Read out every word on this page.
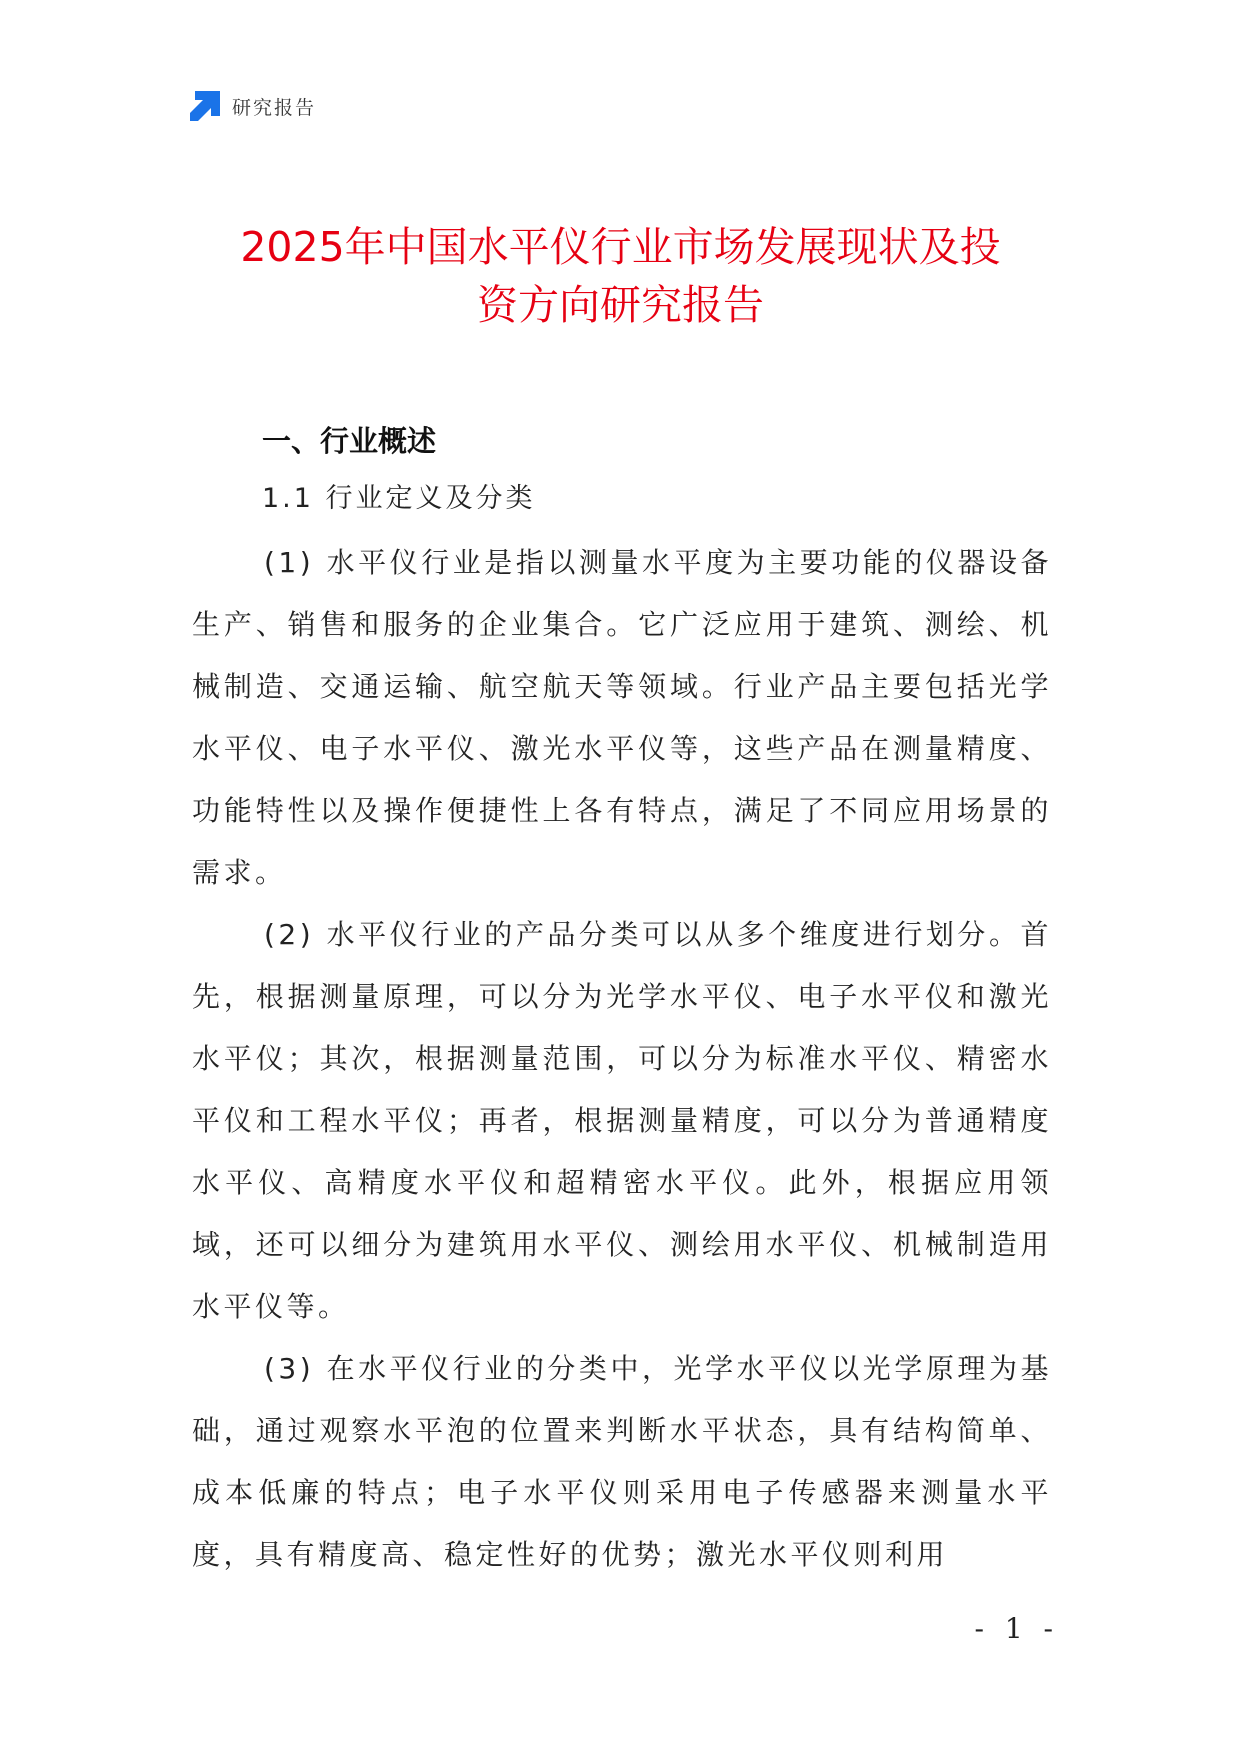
研究报告
2025年中国水平仪行业市场发展现状及投
资方向研究报告
一、行业概述
1.1 行业定义及分类

(1) 水平仪行业是指以测量水平度为主要功能的仪器设备生产、销售和服务的企业集合。它广泛应用于建筑、测绘、机械制造、交通运输、航空航天等领域。行业产品主要包括光学水平仪、电子水平仪、激光水平仪等，这些产品在测量精度、功能特性以及操作便捷性上各有特点，满足了不同应用场景的需求。

(2) 水平仪行业的产品分类可以从多个维度进行划分。首先，根据测量原理，可以分为光学水平仪、电子水平仪和激光水平仪；其次，根据测量范围，可以分为标准水平仪、精密水平仪和工程水平仪；再者，根据测量精度，可以分为普通精度水平仪、高精度水平仪和超精密水平仪。此外，根据应用领域，还可以细分为建筑用水平仪、测绘用水平仪、机械制造用水平仪等。

(3) 在水平仪行业的分类中，光学水平仪以光学原理为基础，通过观察水平泡的位置来判断水平状态，具有结构简单、成本低廉的特点；电子水平仪则采用电子传感器来测量水平度，具有精度高、稳定性好的优势；激光水平仪则利用

- 1 -
